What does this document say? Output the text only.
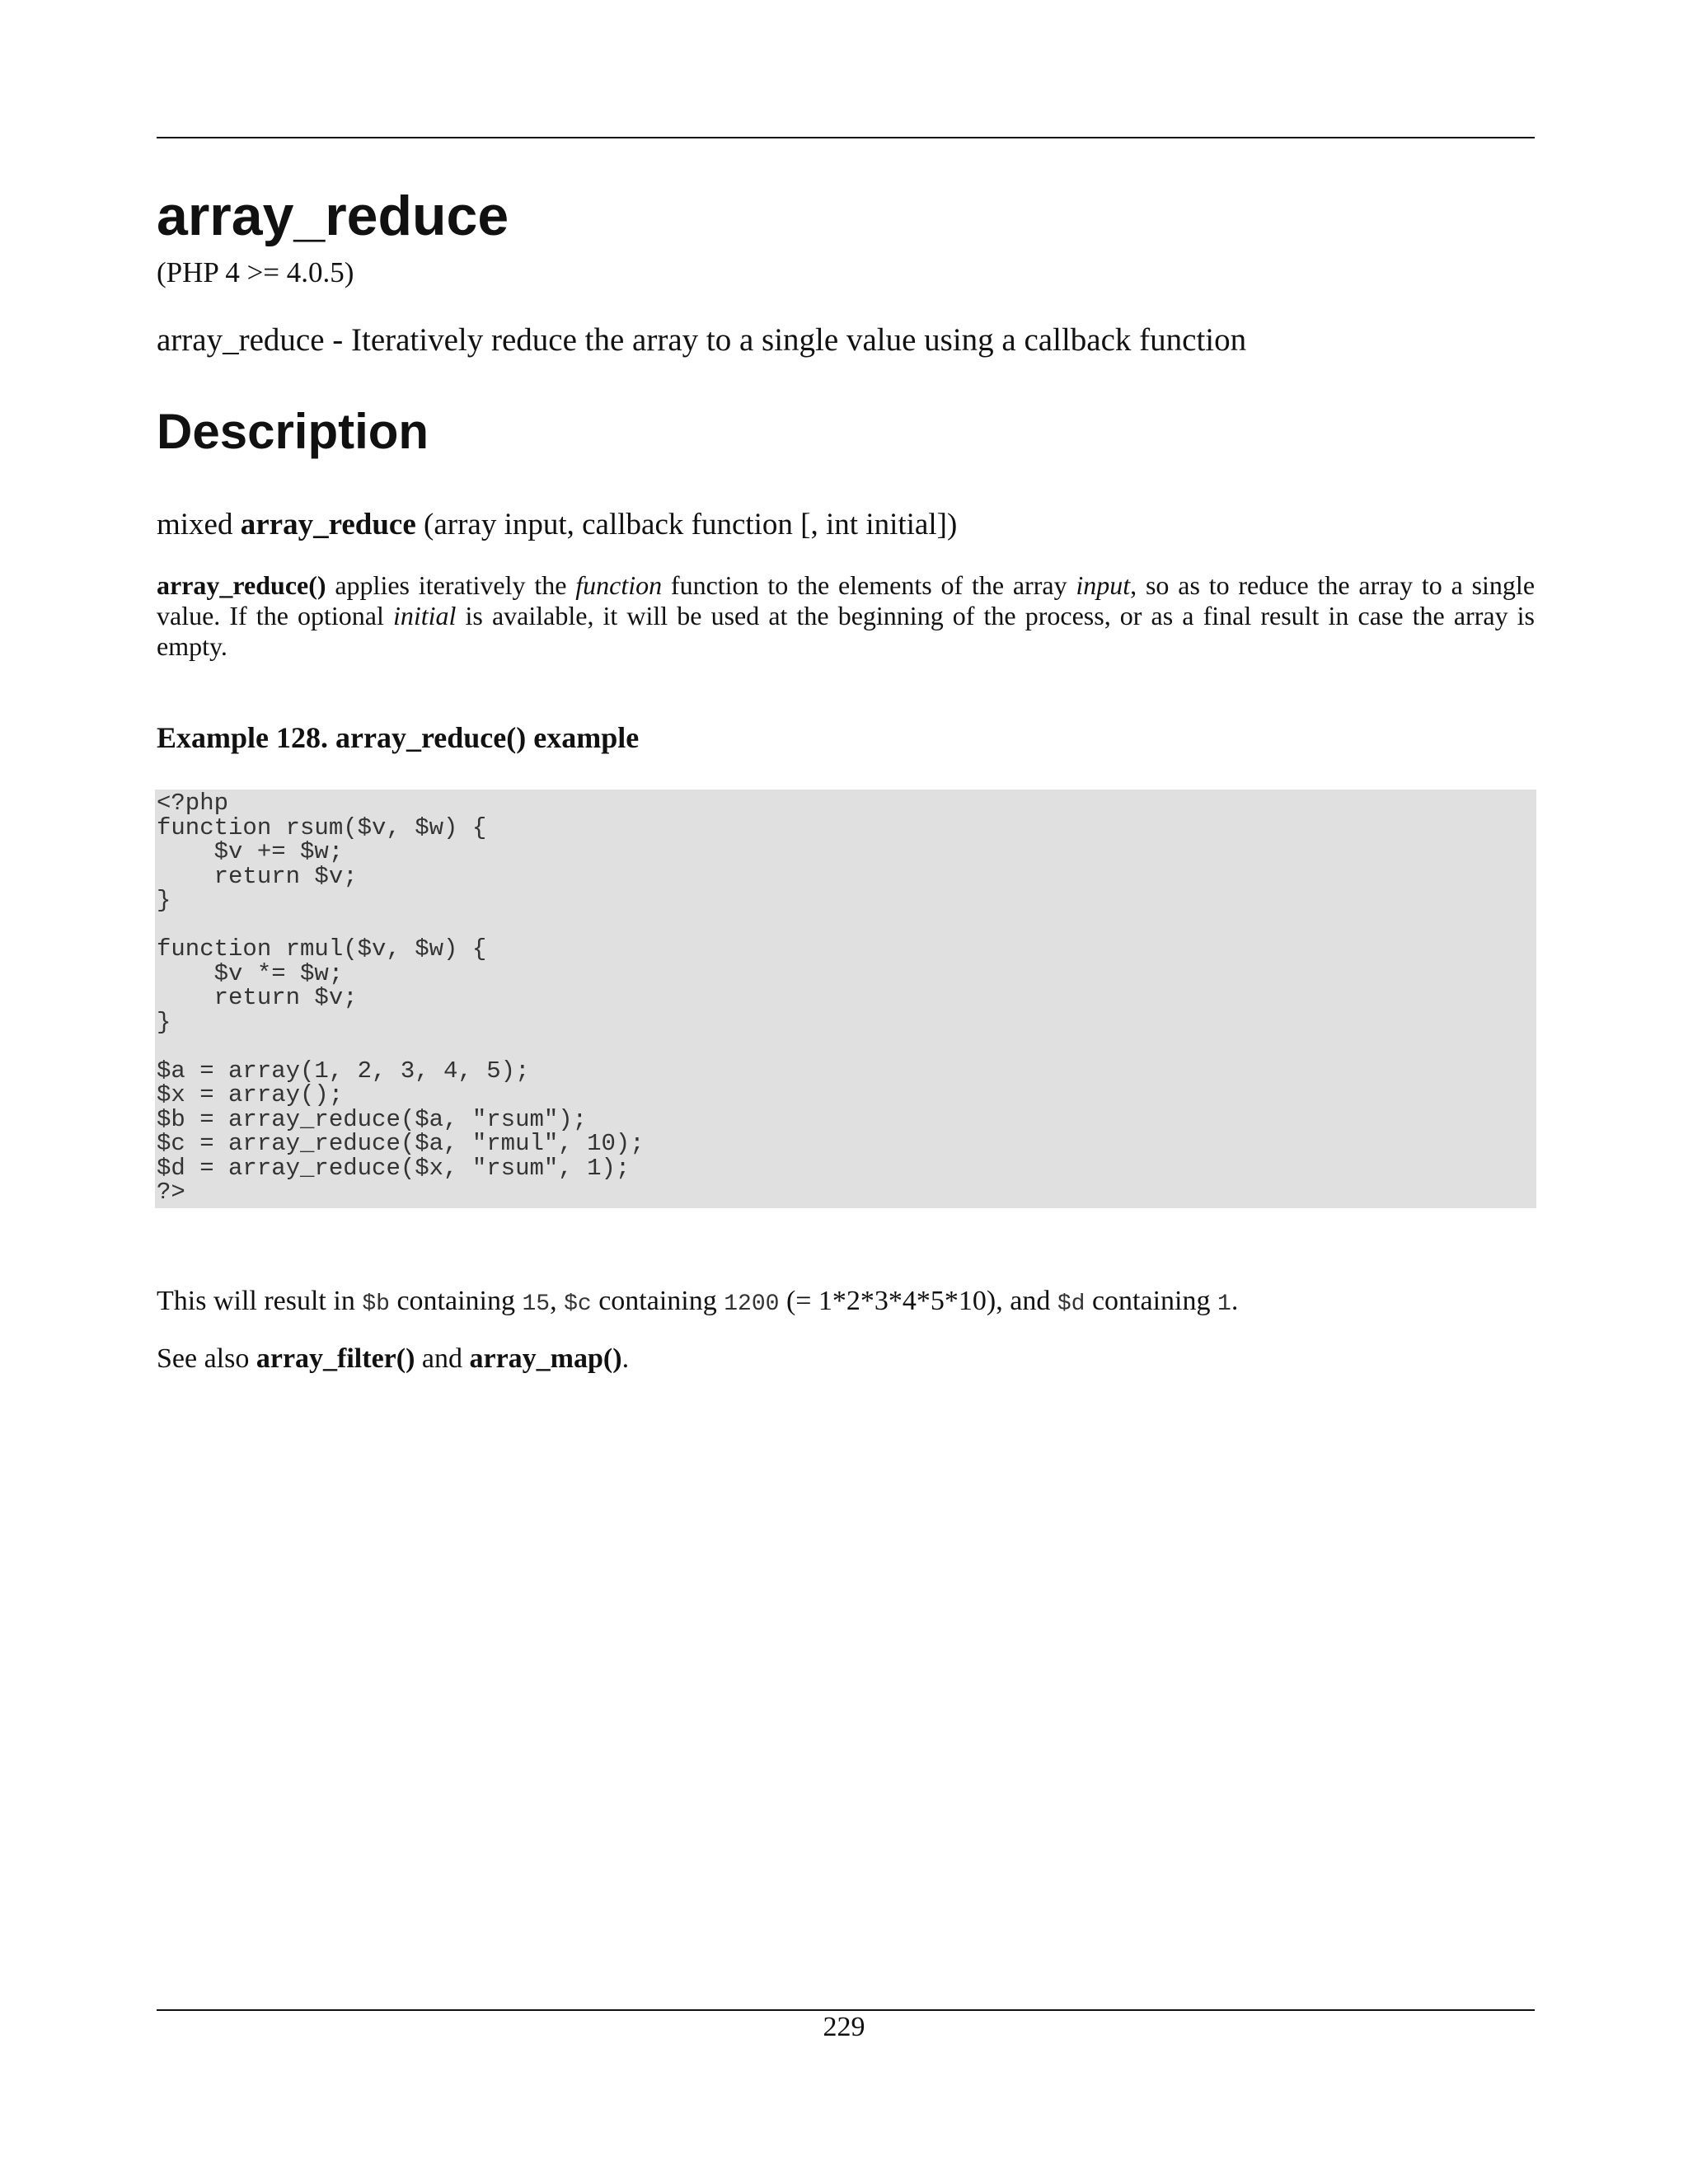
array_reduce
(PHP 4 >= 4.0.5)
array_reduce - Iteratively reduce the array to a single value using a callback function
Description
mixed array_reduce (array input, callback function [, int initial])

array_reduce() applies iteratively the function function to the elements of the array input, so as to reduce the array to a single value. If the optional initial is available, it will be used at the beginning of the process, or as a final result in case the array is empty.

Example 128. array_reduce() example
<?php
function rsum($v, $w) {
$v += $w;
return $v;
}

function rmul($v, $w) {
$v *= $w;
return $v;
}

$a = array(1, 2, 3, 4, 5);
$x = array();
$b = array_reduce($a, "rsum");
$c = array_reduce($a, "rmul", 10);
$d = array_reduce($x, "rsum", 1);
?>
This will result in $b containing 15, $c containing 1200 (= 1*2*3*4*5*10), and $d containing 1.
See also array_filter() and array_map().
229
